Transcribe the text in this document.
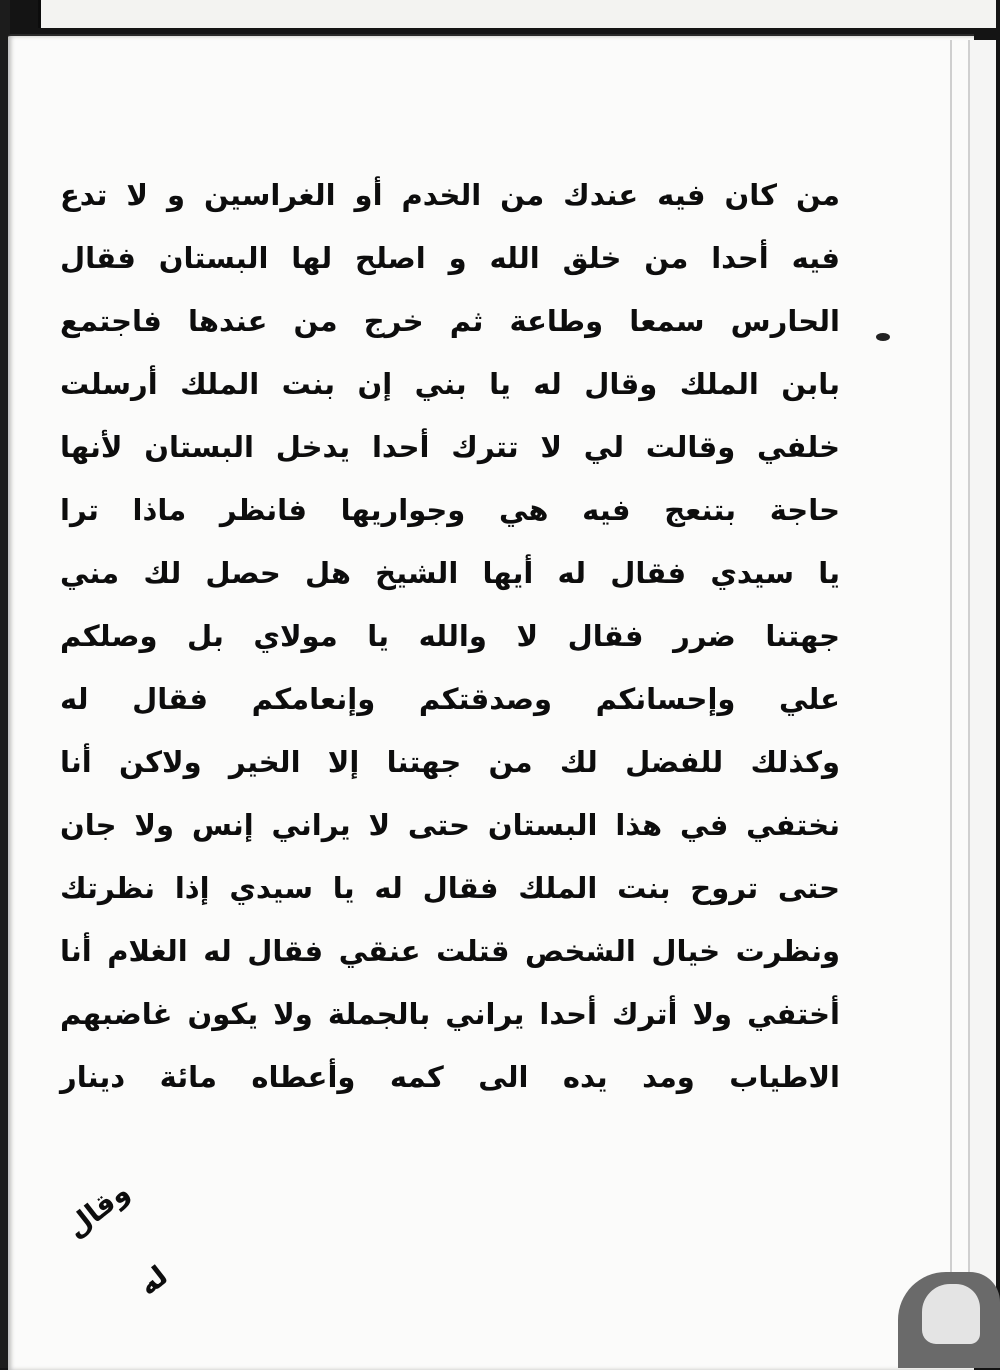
من كان فيه عندك من الخدم أو الغراسين و لا تدع
فيه أحدا من خلق الله و اصلح لها البستان فقال
الحارس سمعا وطاعة ثم خرج من عندها فاجتمع
بابن الملك وقال له يا بني إن بنت الملك أرسلت
خلفي وقالت لي لا تترك أحدا يدخل البستان لأنها
حاجة بتنعج فيه هي وجواريها فانظر ماذا ترا
يا سيدي فقال له أيها الشيخ هل حصل لك مني
جهتنا ضرر فقال لا والله يا مولاي بل وصلكم
علي وإحسانكم وصدقتكم وإنعامكم فقال له
وكذلك للفضل لك من جهتنا إلا الخير ولاكن أنا
نختفي في هذا البستان حتى لا يراني إنس ولا جان
حتى تروح بنت الملك فقال له يا سيدي إذا نظرتك
ونظرت خيال الشخص قتلت عنقي فقال له الغلام أنا
أختفي ولا أترك أحدا يراني بالجملة ولا يكون غاضبهم
الاطياب ومد يده الى كمه وأعطاه مائة دينار
وقال له
